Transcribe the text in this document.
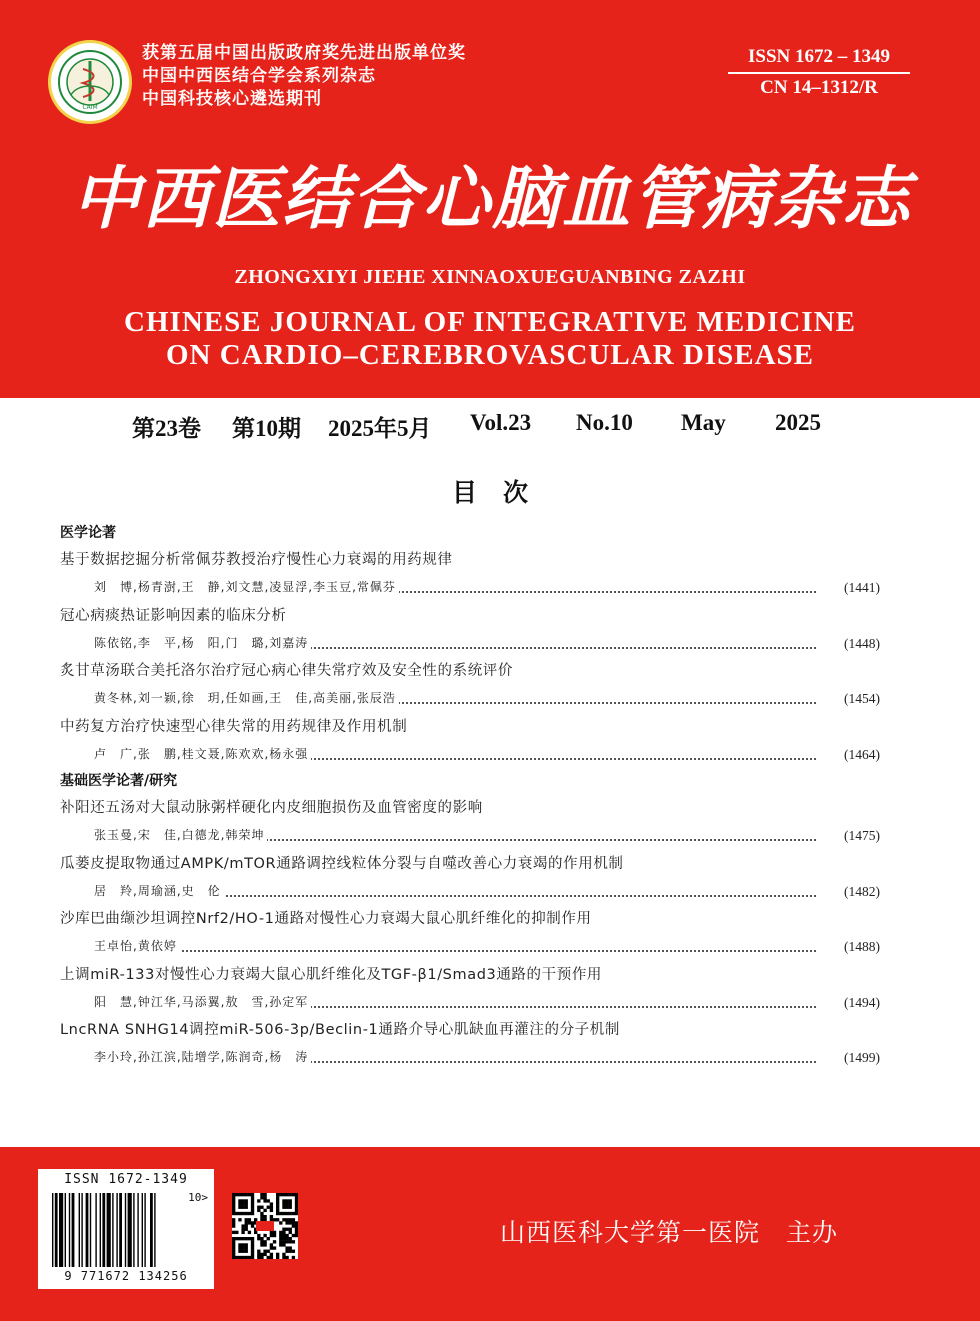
CAIM
获第五届中国出版政府奖先进出版单位奖
中国中西医结合学会系列杂志
中国科技核心遴选期刊
ISSN 1672 – 1349
CN 14–1312/R
中西医结合心脑血管病杂志
ZHONGXIYI JIEHE XINNAOXUEGUANBING ZAZHI
CHINESE JOURNAL OF INTEGRATIVE MEDICINE
ON CARDIO–CEREBROVASCULAR DISEASE
第23卷 第10期 2025年5月 Vol.23 No.10 May 2025
目次
医学论著
基于数据挖掘分析常佩芬教授治疗慢性心力衰竭的用药规律
刘　博,杨青澍,王　静,刘文慧,凌显浮,李玉豆,常佩芬	(1441)
冠心病痰热证影响因素的临床分析
陈依铭,李　平,杨　阳,门　璐,刘嘉涛	(1448)
炙甘草汤联合美托洛尔治疗冠心病心律失常疗效及安全性的系统评价
黄冬林,刘一颖,徐　玥,任如画,王　佳,高美丽,张辰浩	(1454)
中药复方治疗快速型心律失常的用药规律及作用机制
卢　广,张　鹏,桂文聂,陈欢欢,杨永强	(1464)
基础医学论著/研究
补阳还五汤对大鼠动脉粥样硬化内皮细胞损伤及血管密度的影响
张玉曼,宋　佳,白德龙,韩荣坤	(1475)
瓜蒌皮提取物通过AMPK/mTOR通路调控线粒体分裂与自噬改善心力衰竭的作用机制
居　羚,周瑜涵,史　伦	(1482)
沙库巴曲缬沙坦调控Nrf2/HO-1通路对慢性心力衰竭大鼠心肌纤维化的抑制作用
王卓怡,黄依婷	(1488)
上调miR-133对慢性心力衰竭大鼠心肌纤维化及TGF-β1/Smad3通路的干预作用
阳　慧,钟江华,马添翼,敖　雪,孙定军	(1494)
LncRNA SNHG14调控miR-506-3p/Beclin-1通路介导心肌缺血再灌注的分子机制
李小玲,孙江滨,陆增学,陈润奇,杨　涛	(1499)
ISSN 1672-1349
10>
9 771672 134256
山西医科大学第一医院　主办
